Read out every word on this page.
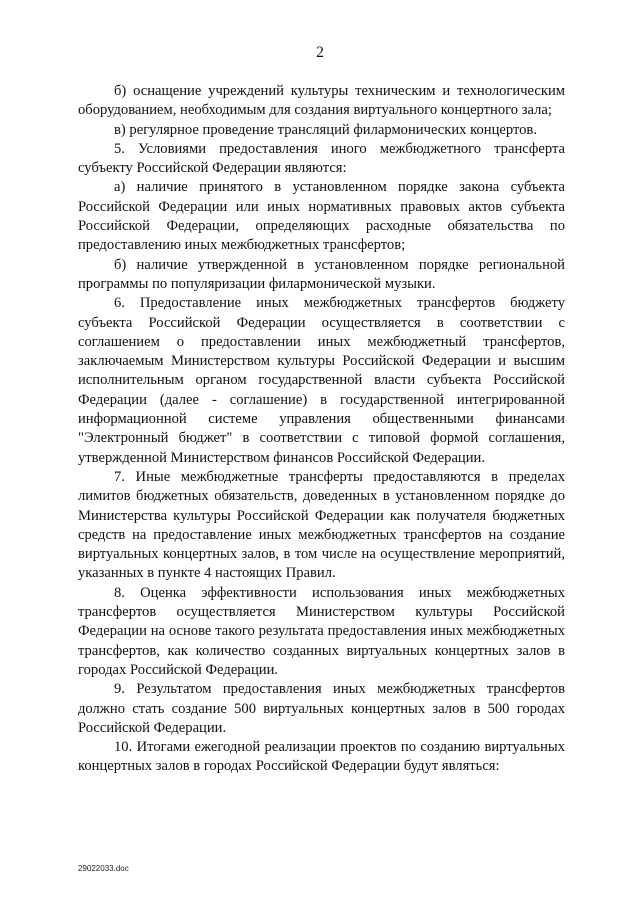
2

б) оснащение учреждений культуры техническим и технологическим оборудованием, необходимым для создания виртуального концертного зала;

в) регулярное проведение трансляций филармонических концертов.

5. Условиями предоставления иного межбюджетного трансферта субъекту Российской Федерации являются:

а) наличие принятого в установленном порядке закона субъекта Российской Федерации или иных нормативных правовых актов субъекта Российской Федерации, определяющих расходные обязательства по предоставлению иных межбюджетных трансфертов;

б) наличие утвержденной в установленном порядке региональной программы по популяризации филармонической музыки.

6. Предоставление иных межбюджетных трансфертов бюджету субъекта Российской Федерации осуществляется в соответствии с соглашением о предоставлении иных межбюджетный трансфертов, заключаемым Министерством культуры Российской Федерации и высшим исполнительным органом государственной власти субъекта Российской Федерации (далее - соглашение) в государственной интегрированной информационной системе управления общественными финансами "Электронный бюджет" в соответствии с типовой формой соглашения, утвержденной Министерством финансов Российской Федерации.

7. Иные межбюджетные трансферты предоставляются в пределах лимитов бюджетных обязательств, доведенных в установленном порядке до Министерства культуры Российской Федерации как получателя бюджетных средств на предоставление иных межбюджетных трансфертов на создание виртуальных концертных залов, в том числе на осуществление мероприятий, указанных в пункте 4 настоящих Правил.

8. Оценка эффективности использования иных межбюджетных трансфертов осуществляется Министерством культуры Российской Федерации на основе такого результата предоставления иных межбюджетных трансфертов, как количество созданных виртуальных концертных залов в городах Российской Федерации.

9. Результатом предоставления иных межбюджетных трансфертов должно стать создание 500 виртуальных концертных залов в 500 городах Российской Федерации.

10. Итогами ежегодной реализации проектов по созданию виртуальных концертных залов в городах Российской Федерации будут являться:

29022033.doc
